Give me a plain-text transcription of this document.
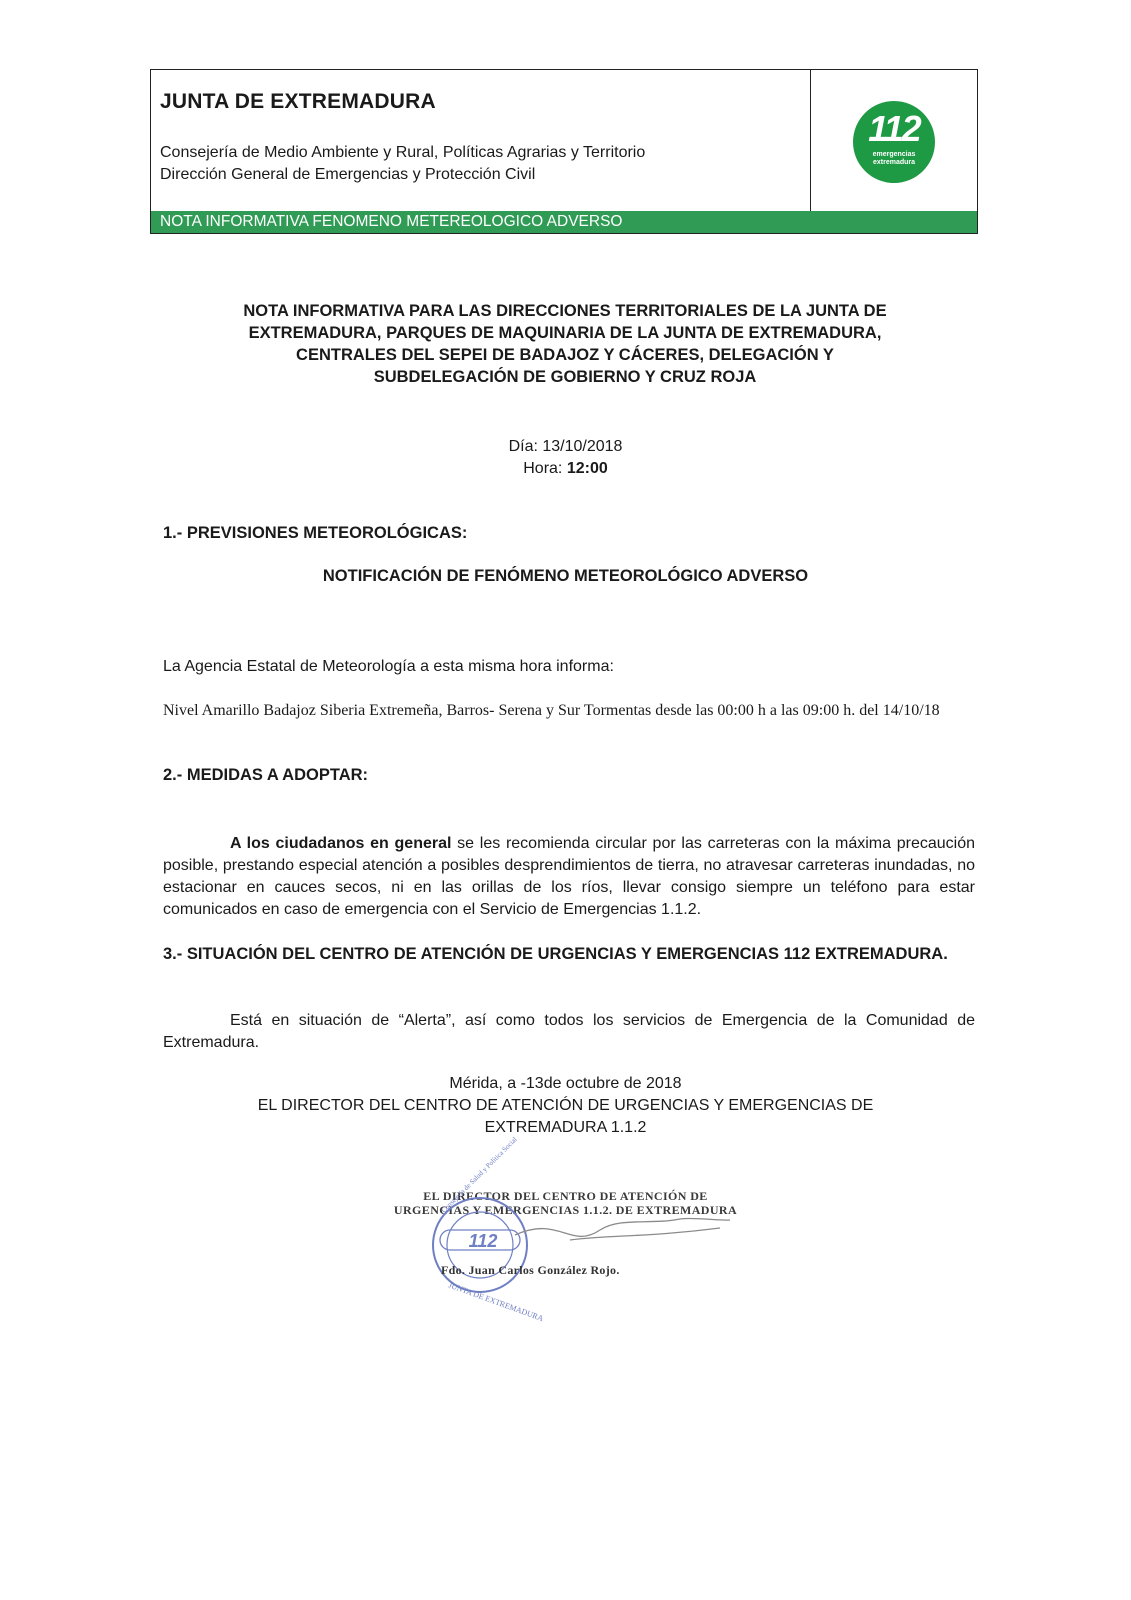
JUNTA DE EXTREMADURA
Consejería de Medio Ambiente y Rural, Políticas Agrarias y Territorio
Dirección General de Emergencias y Protección Civil
112
emergencias
extremadura
NOTA INFORMATIVA FENOMENO METEREOLOGICO ADVERSO
NOTA INFORMATIVA PARA LAS DIRECCIONES TERRITORIALES DE LA JUNTA DE
EXTREMADURA, PARQUES DE MAQUINARIA DE LA JUNTA DE EXTREMADURA,
CENTRALES DEL SEPEI DE BADAJOZ Y CÁCERES, DELEGACIÓN Y
SUBDELEGACIÓN DE GOBIERNO Y CRUZ ROJA
Día: 13/10/2018
Hora: 12:00
1.- PREVISIONES METEOROLÓGICAS:
NOTIFICACIÓN DE FENÓMENO METEOROLÓGICO ADVERSO
La Agencia Estatal de Meteorología a esta misma hora informa:
Nivel Amarillo Badajoz Siberia Extremeña, Barros- Serena y Sur Tormentas desde las 00:00 h a las 09:00 h. del 14/10/18
2.- MEDIDAS A ADOPTAR:
A los ciudadanos en general se les recomienda circular por las carreteras con la máxima precaución posible, prestando especial atención a posibles desprendimientos de tierra, no atravesar carreteras inundadas, no estacionar en cauces secos, ni en las orillas de los ríos, llevar consigo siempre un teléfono para estar comunicados en caso de emergencia con el Servicio de Emergencias 1.1.2.
3.- SITUACIÓN DEL CENTRO DE ATENCIÓN DE URGENCIAS Y EMERGENCIAS 112 EXTREMADURA.
Está en situación de “Alerta”, así como todos los servicios de Emergencia de la Comunidad de Extremadura.
Mérida, a -13de octubre de 2018
EL DIRECTOR DEL CENTRO DE ATENCIÓN DE URGENCIAS Y EMERGENCIAS DE
EXTREMADURA 1.1.2
EL DIRECTOR DEL CENTRO DE ATENCIÓN DE
URGENCIAS Y EMERGENCIAS 1.1.2. DE EXTREMADURA
112
Consejería de Salud y Política Social
JUNTA DE EXTREMADURA
Fdo. Juan Carlos González Rojo.
